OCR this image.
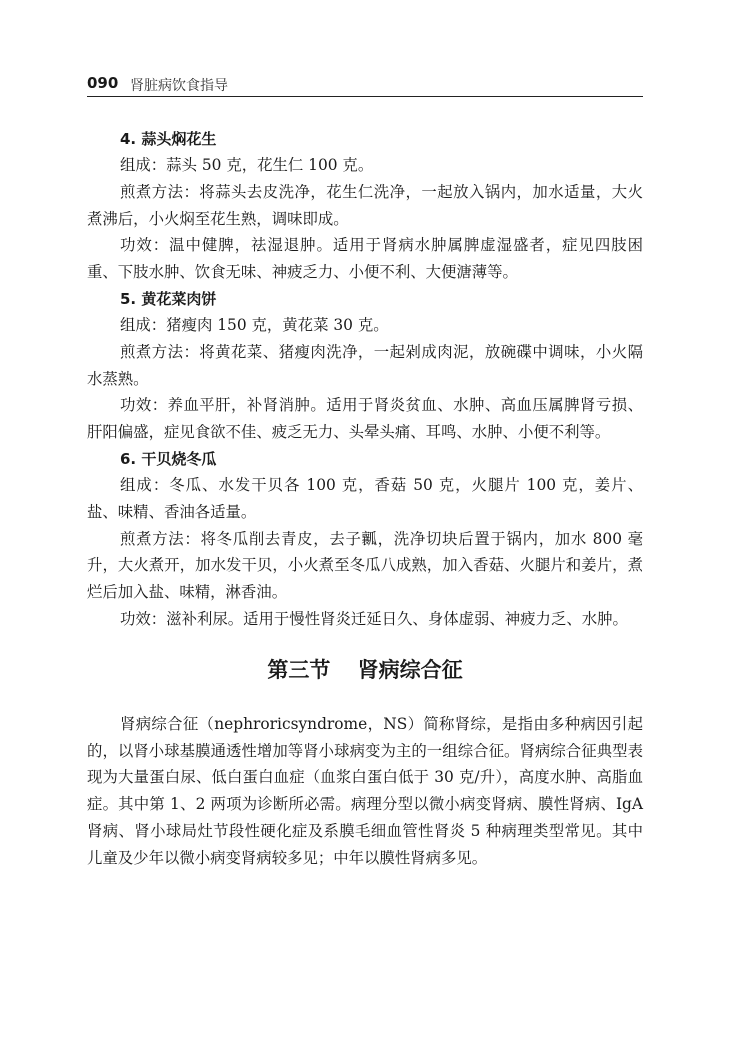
090 肾脏病饮食指导

4. 蒜头焖花生

组成：蒜头 50 克，花生仁 100 克。

煎煮方法：将蒜头去皮洗净，花生仁洗净，一起放入锅内，加水适量，大火煮沸后，小火焖至花生熟，调味即成。

功效：温中健脾，祛湿退肿。适用于肾病水肿属脾虚湿盛者，症见四肢困重、下肢水肿、饮食无味、神疲乏力、小便不利、大便溏薄等。

5. 黄花菜肉饼

组成：猪瘦肉 150 克，黄花菜 30 克。

煎煮方法：将黄花菜、猪瘦肉洗净，一起剁成肉泥，放碗碟中调味，小火隔水蒸熟。

功效：养血平肝，补肾消肿。适用于肾炎贫血、水肿、高血压属脾肾亏损、肝阳偏盛，症见食欲不佳、疲乏无力、头晕头痛、耳鸣、水肿、小便不利等。

6. 干贝烧冬瓜

组成：冬瓜、水发干贝各 100 克，香菇 50 克，火腿片 100 克，姜片、盐、味精、香油各适量。

煎煮方法：将冬瓜削去青皮，去子瓤，洗净切块后置于锅内，加水 800 毫升，大火煮开，加水发干贝，小火煮至冬瓜八成熟，加入香菇、火腿片和姜片，煮烂后加入盐、味精，淋香油。

功效：滋补利尿。适用于慢性肾炎迁延日久、身体虚弱、神疲力乏、水肿。

第三节 肾病综合征

肾病综合征（nephroricsyndrome，NS）简称肾综，是指由多种病因引起的，以肾小球基膜通透性增加等肾小球病变为主的一组综合征。肾病综合征典型表现为大量蛋白尿、低白蛋白血症（血浆白蛋白低于 30 克/升），高度水肿、高脂血症。其中第 1、2 两项为诊断所必需。病理分型以微小病变肾病、膜性肾病、IgA 肾病、肾小球局灶节段性硬化症及系膜毛细血管性肾炎 5 种病理类型常见。其中儿童及少年以微小病变肾病较多见；中年以膜性肾病多见。
